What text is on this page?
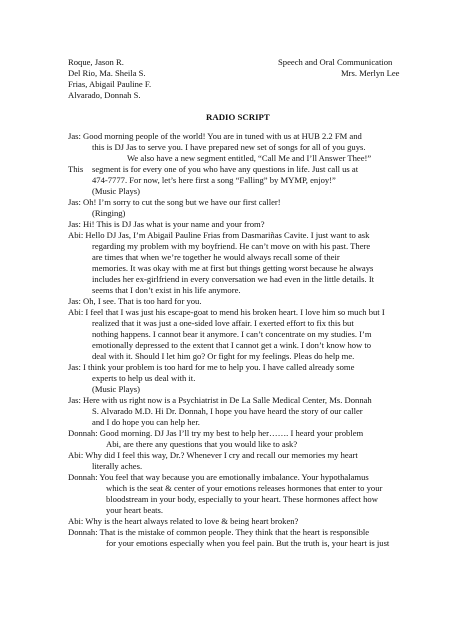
Roque, Jason R.
Del Rio, Ma. Sheila S.
Frias, Abigail Pauline F.
Alvarado, Donnah S.
Speech and Oral Communication
Mrs. Merlyn Lee
RADIO SCRIPT
Jas: Good morning people of the world! You are in tuned with us at HUB 2.2 FM and
this is DJ Jas to serve you. I have prepared new set of songs for all of you guys.
We also have a new segment entitled, “Call Me and I’ll Answer Thee!”
This segment is for every one of you who have any questions in life. Just call us at
474-7777. For now, let’s here first a song “Falling” by MYMP, enjoy!”
(Music Plays)
Jas: Oh! I’m sorry to cut the song but we have our first caller!
(Ringing)
Jas: Hi! This is DJ Jas what is your name and your from?
Abi: Hello DJ Jas, I’m Abigail Pauline Frias from Dasmariñas Cavite. I just want to ask
regarding my problem with my boyfriend. He can’t move on with his past. There
are times that when we’re together he would always recall some of their
memories. It was okay with me at first but things getting worst because he always
includes her ex-girlfriend in every conversation we had even in the little details. It
seems that I don’t exist in his life anymore.
Jas: Oh, I see. That is too hard for you.
Abi: I feel that I was just his escape-goat to mend his broken heart. I love him so much but I
realized that it was just a one-sided love affair. I exerted effort to fix this but
nothing happens. I cannot bear it anymore. I can’t concentrate on my studies. I’m
emotionally depressed to the extent that I cannot get a wink. I don’t know how to
deal with it. Should I let him go? Or fight for my feelings. Pleas do help me.
Jas: I think your problem is too hard for me to help you. I have called already some
experts to help us deal with it.
(Music Plays)
Jas: Here with us right now is a Psychiatrist in De La Salle Medical Center, Ms. Donnah
S. Alvarado M.D. Hi Dr. Donnah, I hope you have heard the story of our caller
and I do hope you can help her.
Donnah: Good morning. DJ Jas I’ll try my best to help her……. I heard your problem
Abi, are there any questions that you would like to ask?
Abi: Why did I feel this way, Dr.? Whenever I cry and recall our memories my heart
literally aches.
Donnah: You feel that way because you are emotionally imbalance. Your hypothalamus
which is the seat & center of your emotions releases hormones that enter to your
bloodstream in your body, especially to your heart. These hormones affect how
your heart beats.
Abi: Why is the heart always related to love & being heart broken?
Donnah: That is the mistake of common people. They think that the heart is responsible
for your emotions especially when you feel pain. But the truth is, your heart is just
